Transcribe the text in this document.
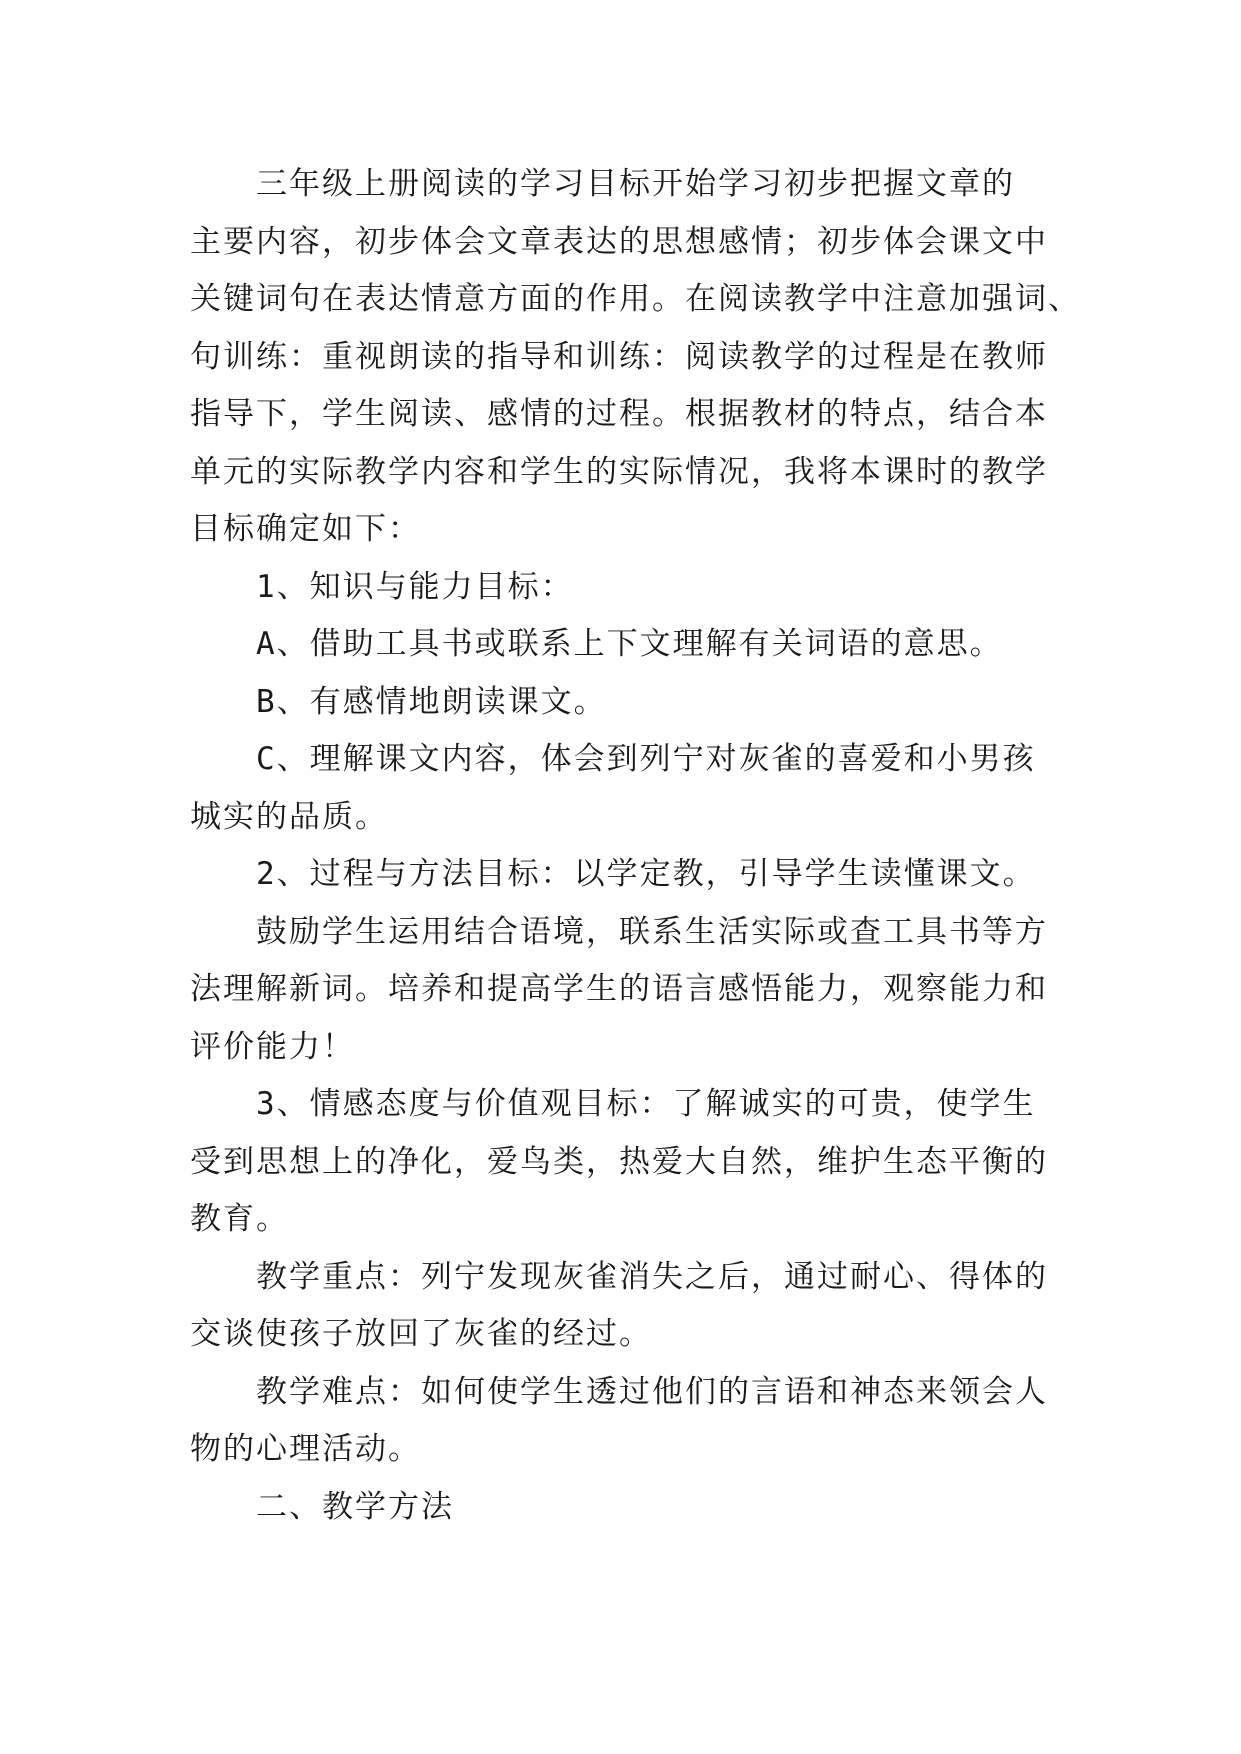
三年级上册阅读的学习目标开始学习初步把握文章的
主要内容，初步体会文章表达的思想感情；初步体会课文中
关键词句在表达情意方面的作用。在阅读教学中注意加强词、
句训练：重视朗读的指导和训练：阅读教学的过程是在教师
指导下，学生阅读、感情的过程。根据教材的特点，结合本
单元的实际教学内容和学生的实际情况，我将本课时的教学
目标确定如下：
1、知识与能力目标：
A、借助工具书或联系上下文理解有关词语的意思。
B、有感情地朗读课文。
C、理解课文内容，体会到列宁对灰雀的喜爱和小男孩
城实的品质。
2、过程与方法目标：以学定教，引导学生读懂课文。
鼓励学生运用结合语境，联系生活实际或查工具书等方
法理解新词。培养和提高学生的语言感悟能力，观察能力和
评价能力！
3、情感态度与价值观目标：了解诚实的可贵，使学生
受到思想上的净化，爱鸟类，热爱大自然，维护生态平衡的
教育。
教学重点：列宁发现灰雀消失之后，通过耐心、得体的
交谈使孩子放回了灰雀的经过。
教学难点：如何使学生透过他们的言语和神态来领会人
物的心理活动。
二、教学方法
